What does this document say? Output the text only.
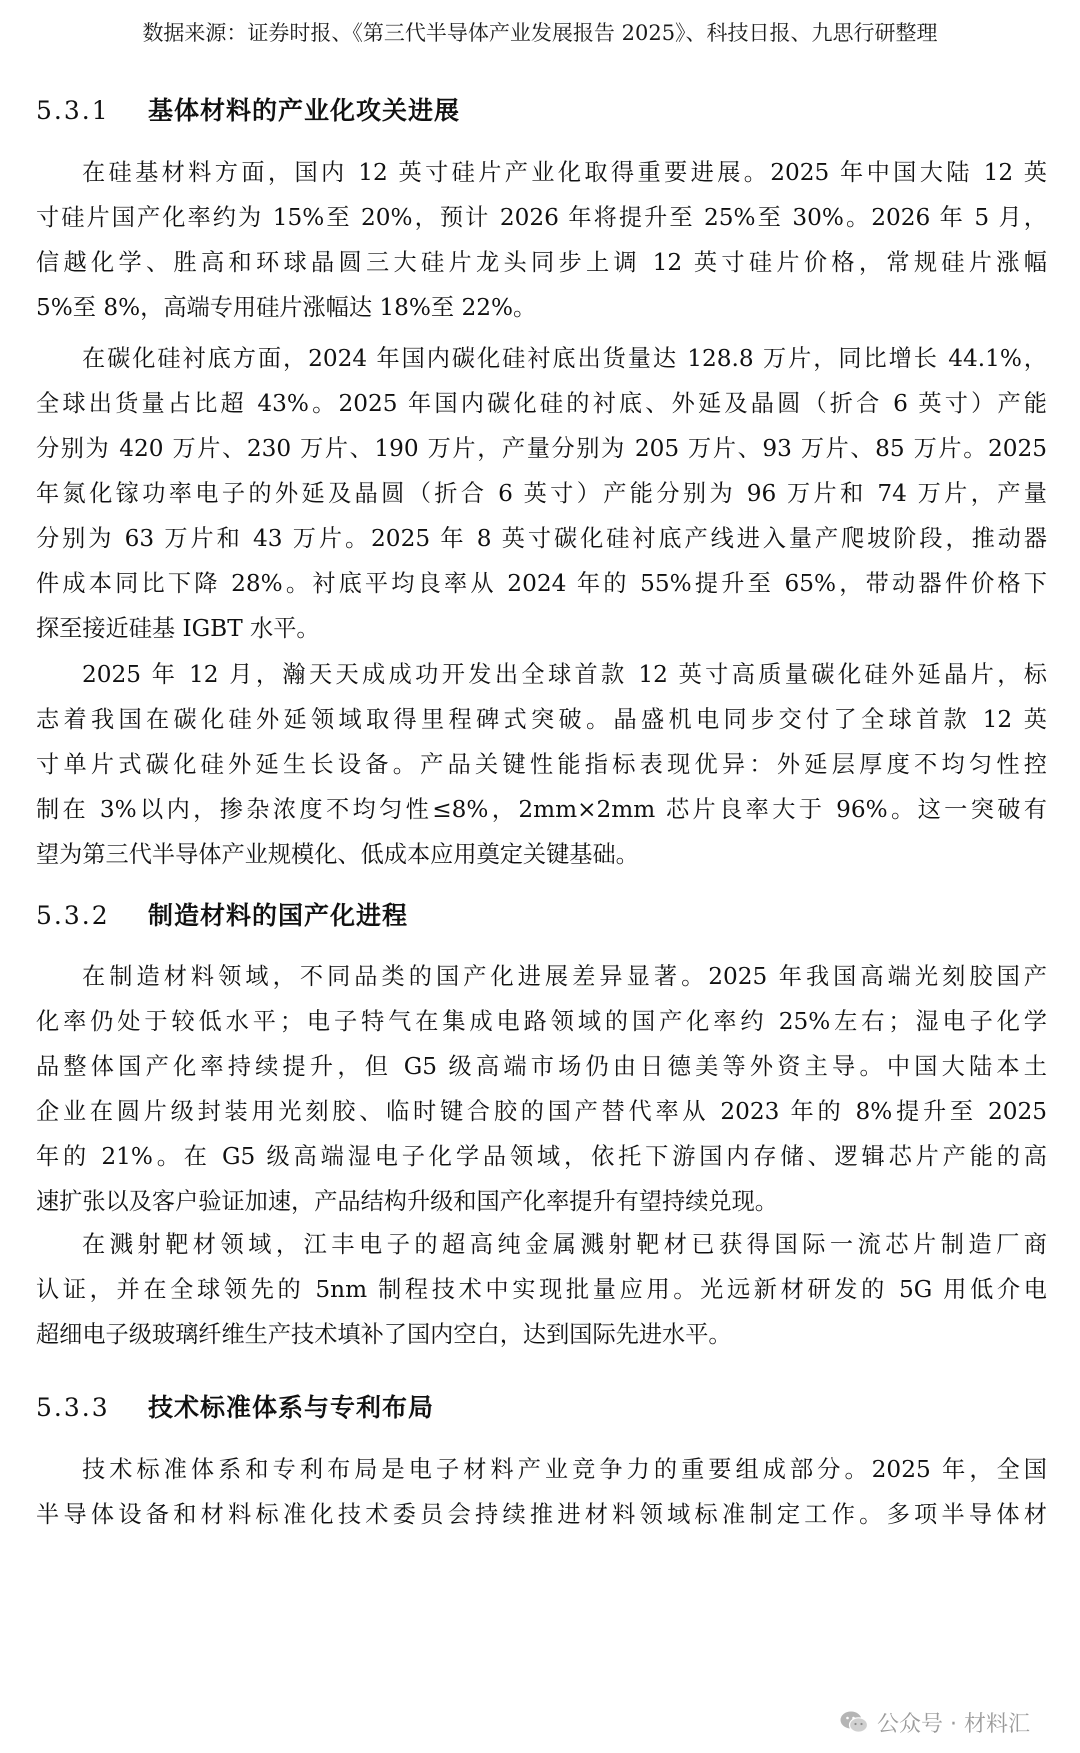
数据来源：证券时报、《第三代半导体产业发展报告 2025》、科技日报、九思行研整理
5.3.1 基体材料的产业化攻关进展
在硅基材料方面，国内 12 英寸硅片产业化取得重要进展。2025 年中国大陆 12 英
寸硅片国产化率约为 15%至 20%，预计 2026 年将提升至 25%至 30%。2026 年 5 月，
信越化学、胜高和环球晶圆三大硅片龙头同步上调 12 英寸硅片价格，常规硅片涨幅
5%至 8%，高端专用硅片涨幅达 18%至 22%。
在碳化硅衬底方面，2024 年国内碳化硅衬底出货量达 128.8 万片，同比增长 44.1%，
全球出货量占比超 43%。2025 年国内碳化硅的衬底、外延及晶圆（折合 6 英寸）产能
分别为 420 万片、230 万片、190 万片，产量分别为 205 万片、93 万片、85 万片。2025
年氮化镓功率电子的外延及晶圆（折合 6 英寸）产能分别为 96 万片和 74 万片，产量
分别为 63 万片和 43 万片。2025 年 8 英寸碳化硅衬底产线进入量产爬坡阶段，推动器
件成本同比下降 28%。衬底平均良率从 2024 年的 55%提升至 65%，带动器件价格下
探至接近硅基 IGBT 水平。
2025 年 12 月，瀚天天成成功开发出全球首款 12 英寸高质量碳化硅外延晶片，标
志着我国在碳化硅外延领域取得里程碑式突破。晶盛机电同步交付了全球首款 12 英
寸单片式碳化硅外延生长设备。产品关键性能指标表现优异：外延层厚度不均匀性控
制在 3%以内，掺杂浓度不均匀性≤8%，2mm×2mm 芯片良率大于 96%。这一突破有
望为第三代半导体产业规模化、低成本应用奠定关键基础。
5.3.2 制造材料的国产化进程
在制造材料领域，不同品类的国产化进展差异显著。2025 年我国高端光刻胶国产
化率仍处于较低水平；电子特气在集成电路领域的国产化率约 25%左右；湿电子化学
品整体国产化率持续提升，但 G5 级高端市场仍由日德美等外资主导。中国大陆本土
企业在圆片级封装用光刻胶、临时键合胶的国产替代率从 2023 年的 8%提升至 2025
年的 21%。在 G5 级高端湿电子化学品领域，依托下游国内存储、逻辑芯片产能的高
速扩张以及客户验证加速，产品结构升级和国产化率提升有望持续兑现。
在溅射靶材领域，江丰电子的超高纯金属溅射靶材已获得国际一流芯片制造厂商
认证，并在全球领先的 5nm 制程技术中实现批量应用。光远新材研发的 5G 用低介电
超细电子级玻璃纤维生产技术填补了国内空白，达到国际先进水平。
5.3.3 技术标准体系与专利布局
技术标准体系和专利布局是电子材料产业竞争力的重要组成部分。2025 年，全国
半导体设备和材料标准化技术委员会持续推进材料领域标准制定工作。多项半导体材
公众号 · 材料汇
